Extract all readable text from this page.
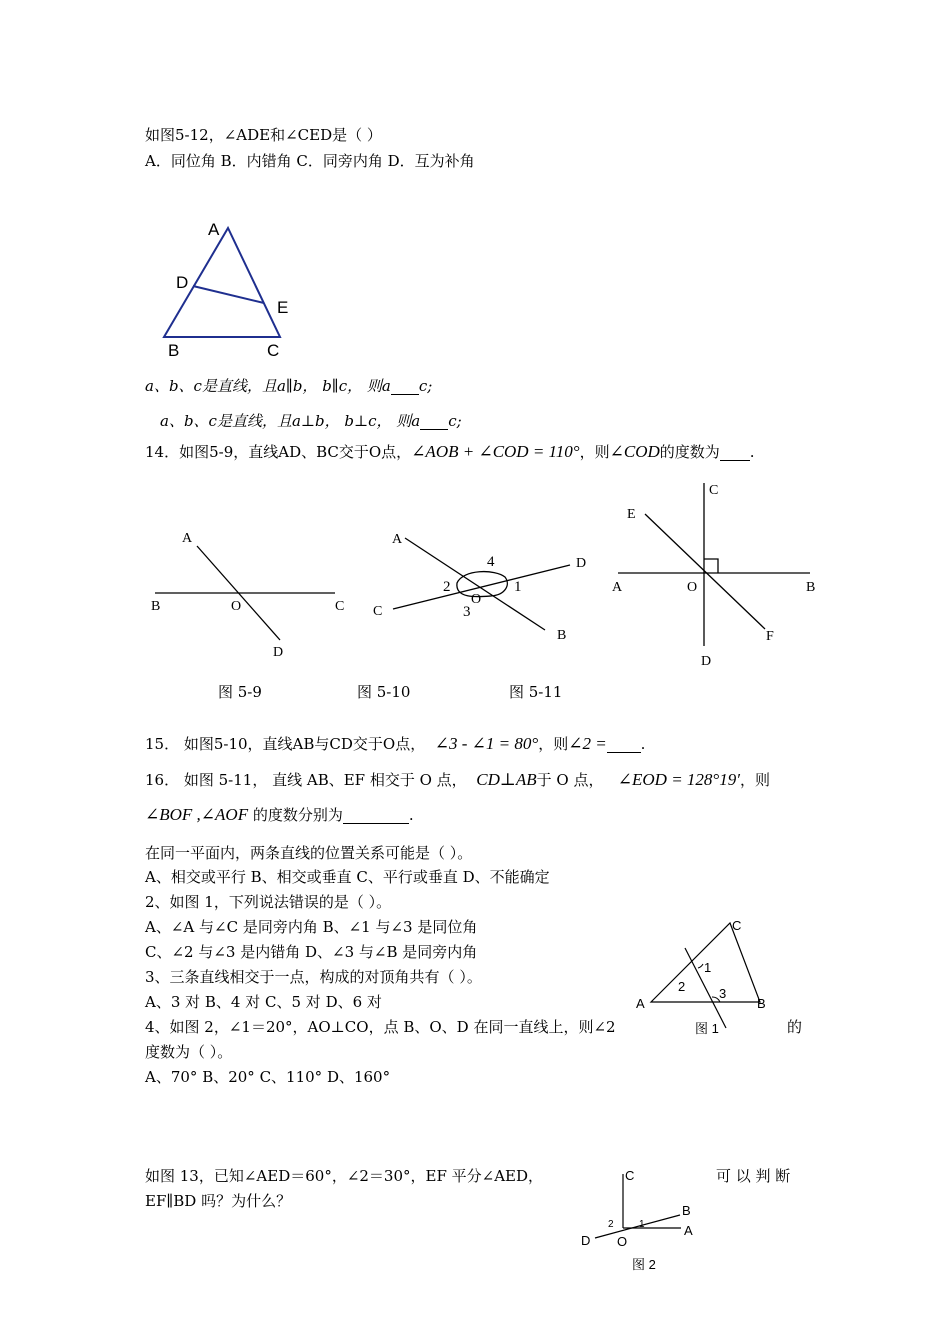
如图5-12，∠ADE和∠CED是（ ）
A．同位角 B．内错角 C．同旁内角 D．互为补角
A
D
E
B	C
a、b、c是直线，且a∥b， b∥c， 则a c;
a、b、c是直线，且a⊥b， b⊥c， 则a c;
14．如图5-9，直线AD、BC交于O点，∠AOB + ∠COD = 110°，则∠COD的度数为 .
A
B	O	C
D
图 5-9
A
D
C
B
O
4
2	1
3
图 5-10
C
E
A	O	B
F
D
图 5-11
15． 如图5-10，直线AB与CD交于O点， ∠3 - ∠1 = 80°，则∠2 = .
16． 如图 5-11， 直线 AB、EF 相交于 O 点， CD⊥AB于 O 点， ∠EOD = 128°19′，则
∠BOF ,∠AOF 的度数分别为	.
在同一平面内，两条直线的位置关系可能是（ ）。
A、相交或平行 B、相交或垂直 C、平行或垂直 D、不能确定
2、如图 1，下列说法错误的是（ ）。
A、∠A 与∠C 是同旁内角 B、∠1 与∠3 是同位角
C、∠2 与∠3 是内错角 D、∠3 与∠B 是同旁内角
3、三条直线相交于一点，构成的对顶角共有（ ）。
A、3 对 B、4 对 C、5 对 D、6 对
4、如图 2，∠1＝20°，AO⊥CO，点 B、O、D 在同一直线上，则∠2	的
度数为（ ）。
A、70° B、20° C、110° D、160°
C
A	B
1
2	3
图 1
如图 13，已知∠AED＝60°，∠2＝30°，EF 平分∠AED，	可 以 判 断
EF∥BD 吗？为什么？
C
B
A
D O
1
2
图 2
